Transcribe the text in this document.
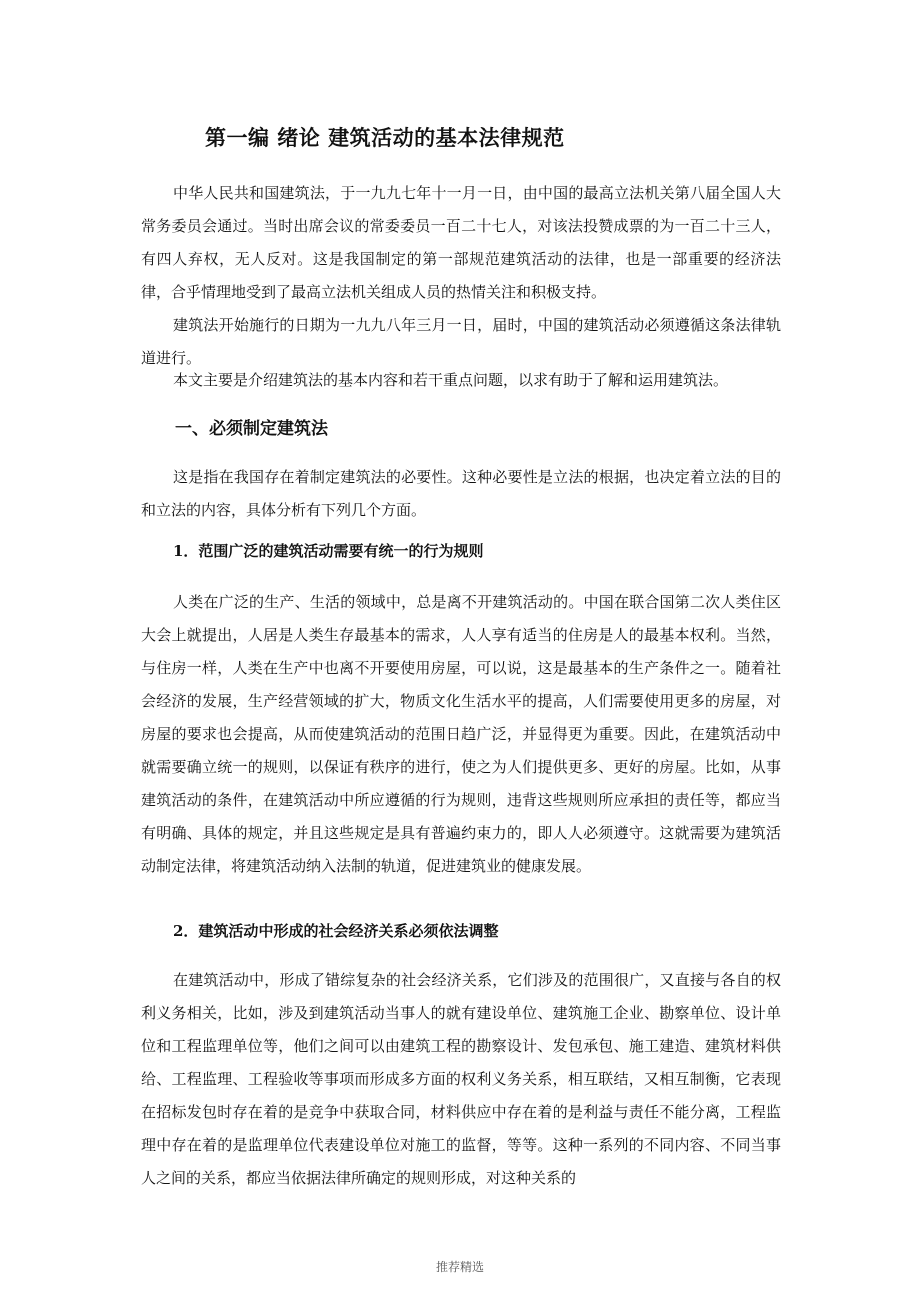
第一编 绪论 建筑活动的基本法律规范

中华人民共和国建筑法，于一九九七年十一月一日，由中国的最高立法机关第八届全国人大常务委员会通过。当时出席会议的常委委员一百二十七人，对该法投赞成票的为一百二十三人，有四人弃权，无人反对。这是我国制定的第一部规范建筑活动的法律，也是一部重要的经济法律，合乎情理地受到了最高立法机关组成人员的热情关注和积极支持。

建筑法开始施行的日期为一九九八年三月一日，届时，中国的建筑活动必须遵循这条法律轨道进行。

本文主要是介绍建筑法的基本内容和若干重点问题，以求有助于了解和运用建筑法。

一、必须制定建筑法

这是指在我国存在着制定建筑法的必要性。这种必要性是立法的根据，也决定着立法的目的和立法的内容，具体分析有下列几个方面。

1．范围广泛的建筑活动需要有统一的行为规则

人类在广泛的生产、生活的领域中，总是离不开建筑活动的。中国在联合国第二次人类住区大会上就提出，人居是人类生存最基本的需求，人人享有适当的住房是人的最基本权利。当然，与住房一样，人类在生产中也离不开要使用房屋，可以说，这是最基本的生产条件之一。随着社会经济的发展，生产经营领域的扩大，物质文化生活水平的提高，人们需要使用更多的房屋，对房屋的要求也会提高，从而使建筑活动的范围日趋广泛，并显得更为重要。因此，在建筑活动中就需要确立统一的规则，以保证有秩序的进行，使之为人们提供更多、更好的房屋。比如，从事建筑活动的条件，在建筑活动中所应遵循的行为规则，违背这些规则所应承担的责任等，都应当有明确、具体的规定，并且这些规定是具有普遍约束力的，即人人必须遵守。这就需要为建筑活动制定法律，将建筑活动纳入法制的轨道，促进建筑业的健康发展。

2．建筑活动中形成的社会经济关系必须依法调整

在建筑活动中，形成了错综复杂的社会经济关系，它们涉及的范围很广，又直接与各自的权利义务相关，比如，涉及到建筑活动当事人的就有建设单位、建筑施工企业、勘察单位、设计单位和工程监理单位等，他们之间可以由建筑工程的勘察设计、发包承包、施工建造、建筑材料供给、工程监理、工程验收等事项而形成多方面的权利义务关系，相互联结，又相互制衡，它表现在招标发包时存在着的是竞争中获取合同，材料供应中存在着的是利益与责任不能分离，工程监理中存在着的是监理单位代表建设单位对施工的监督，等等。这种一系列的不同内容、不同当事人之间的关系，都应当依据法律所确定的规则形成，对这种关系的

推荐精选
